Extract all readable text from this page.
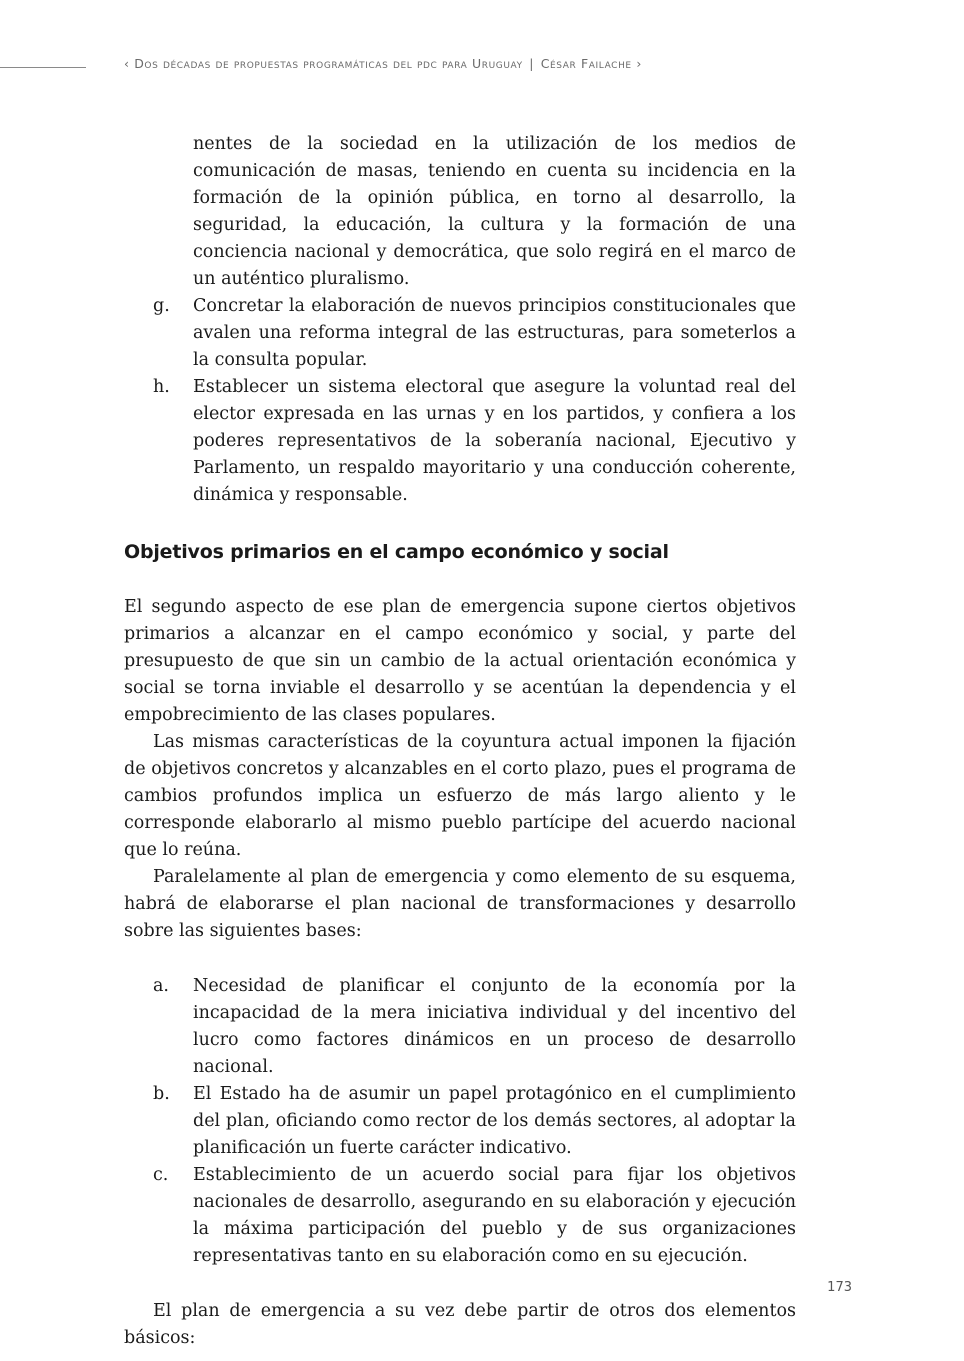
‹ Dos décadas de propuestas programáticas del pdc para Uruguay | César Failache ›
nentes de la sociedad en la utilización de los medios de comunicación de masas, teniendo en cuenta su incidencia en la formación de la opinión pública, en torno al desarrollo, la seguridad, la educación, la cultura y la formación de una conciencia nacional y democrática, que solo regirá en el marco de un auténtico pluralismo.
g. Concretar la elaboración de nuevos principios constitucionales que avalen una reforma integral de las estructuras, para someterlos a la consulta popular.
h. Establecer un sistema electoral que asegure la voluntad real del elector expresada en las urnas y en los partidos, y confiera a los poderes representativos de la soberanía nacional, Ejecutivo y Parlamento, un respaldo mayoritario y una conducción coherente, dinámica y responsable.
Objetivos primarios en el campo económico y social

El segundo aspecto de ese plan de emergencia supone ciertos objetivos primarios a alcanzar en el campo económico y social, y parte del presupuesto de que sin un cambio de la actual orientación económica y social se torna inviable el desarrollo y se acentúan la dependencia y el empobrecimiento de las clases populares.

Las mismas características de la coyuntura actual imponen la fijación de objetivos concretos y alcanzables en el corto plazo, pues el programa de cambios profundos implica un esfuerzo de más largo aliento y le corresponde elaborarlo al mismo pueblo partícipe del acuerdo nacional que lo reúna.

Paralelamente al plan de emergencia y como elemento de su esquema, habrá de elaborarse el plan nacional de transformaciones y desarrollo sobre las siguientes bases:

a. Necesidad de planificar el conjunto de la economía por la incapacidad de la mera iniciativa individual y del incentivo del lucro como factores dinámicos en un proceso de desarrollo nacional.
b. El Estado ha de asumir un papel protagónico en el cumplimiento del plan, oficiando como rector de los demás sectores, al adoptar la planificación un fuerte carácter indicativo.
c. Establecimiento de un acuerdo social para fijar los objetivos nacionales de desarrollo, asegurando en su elaboración y ejecución la máxima participación del pueblo y de sus organizaciones representativas tanto en su elaboración como en su ejecución.

El plan de emergencia a su vez debe partir de otros dos elementos básicos:

173
